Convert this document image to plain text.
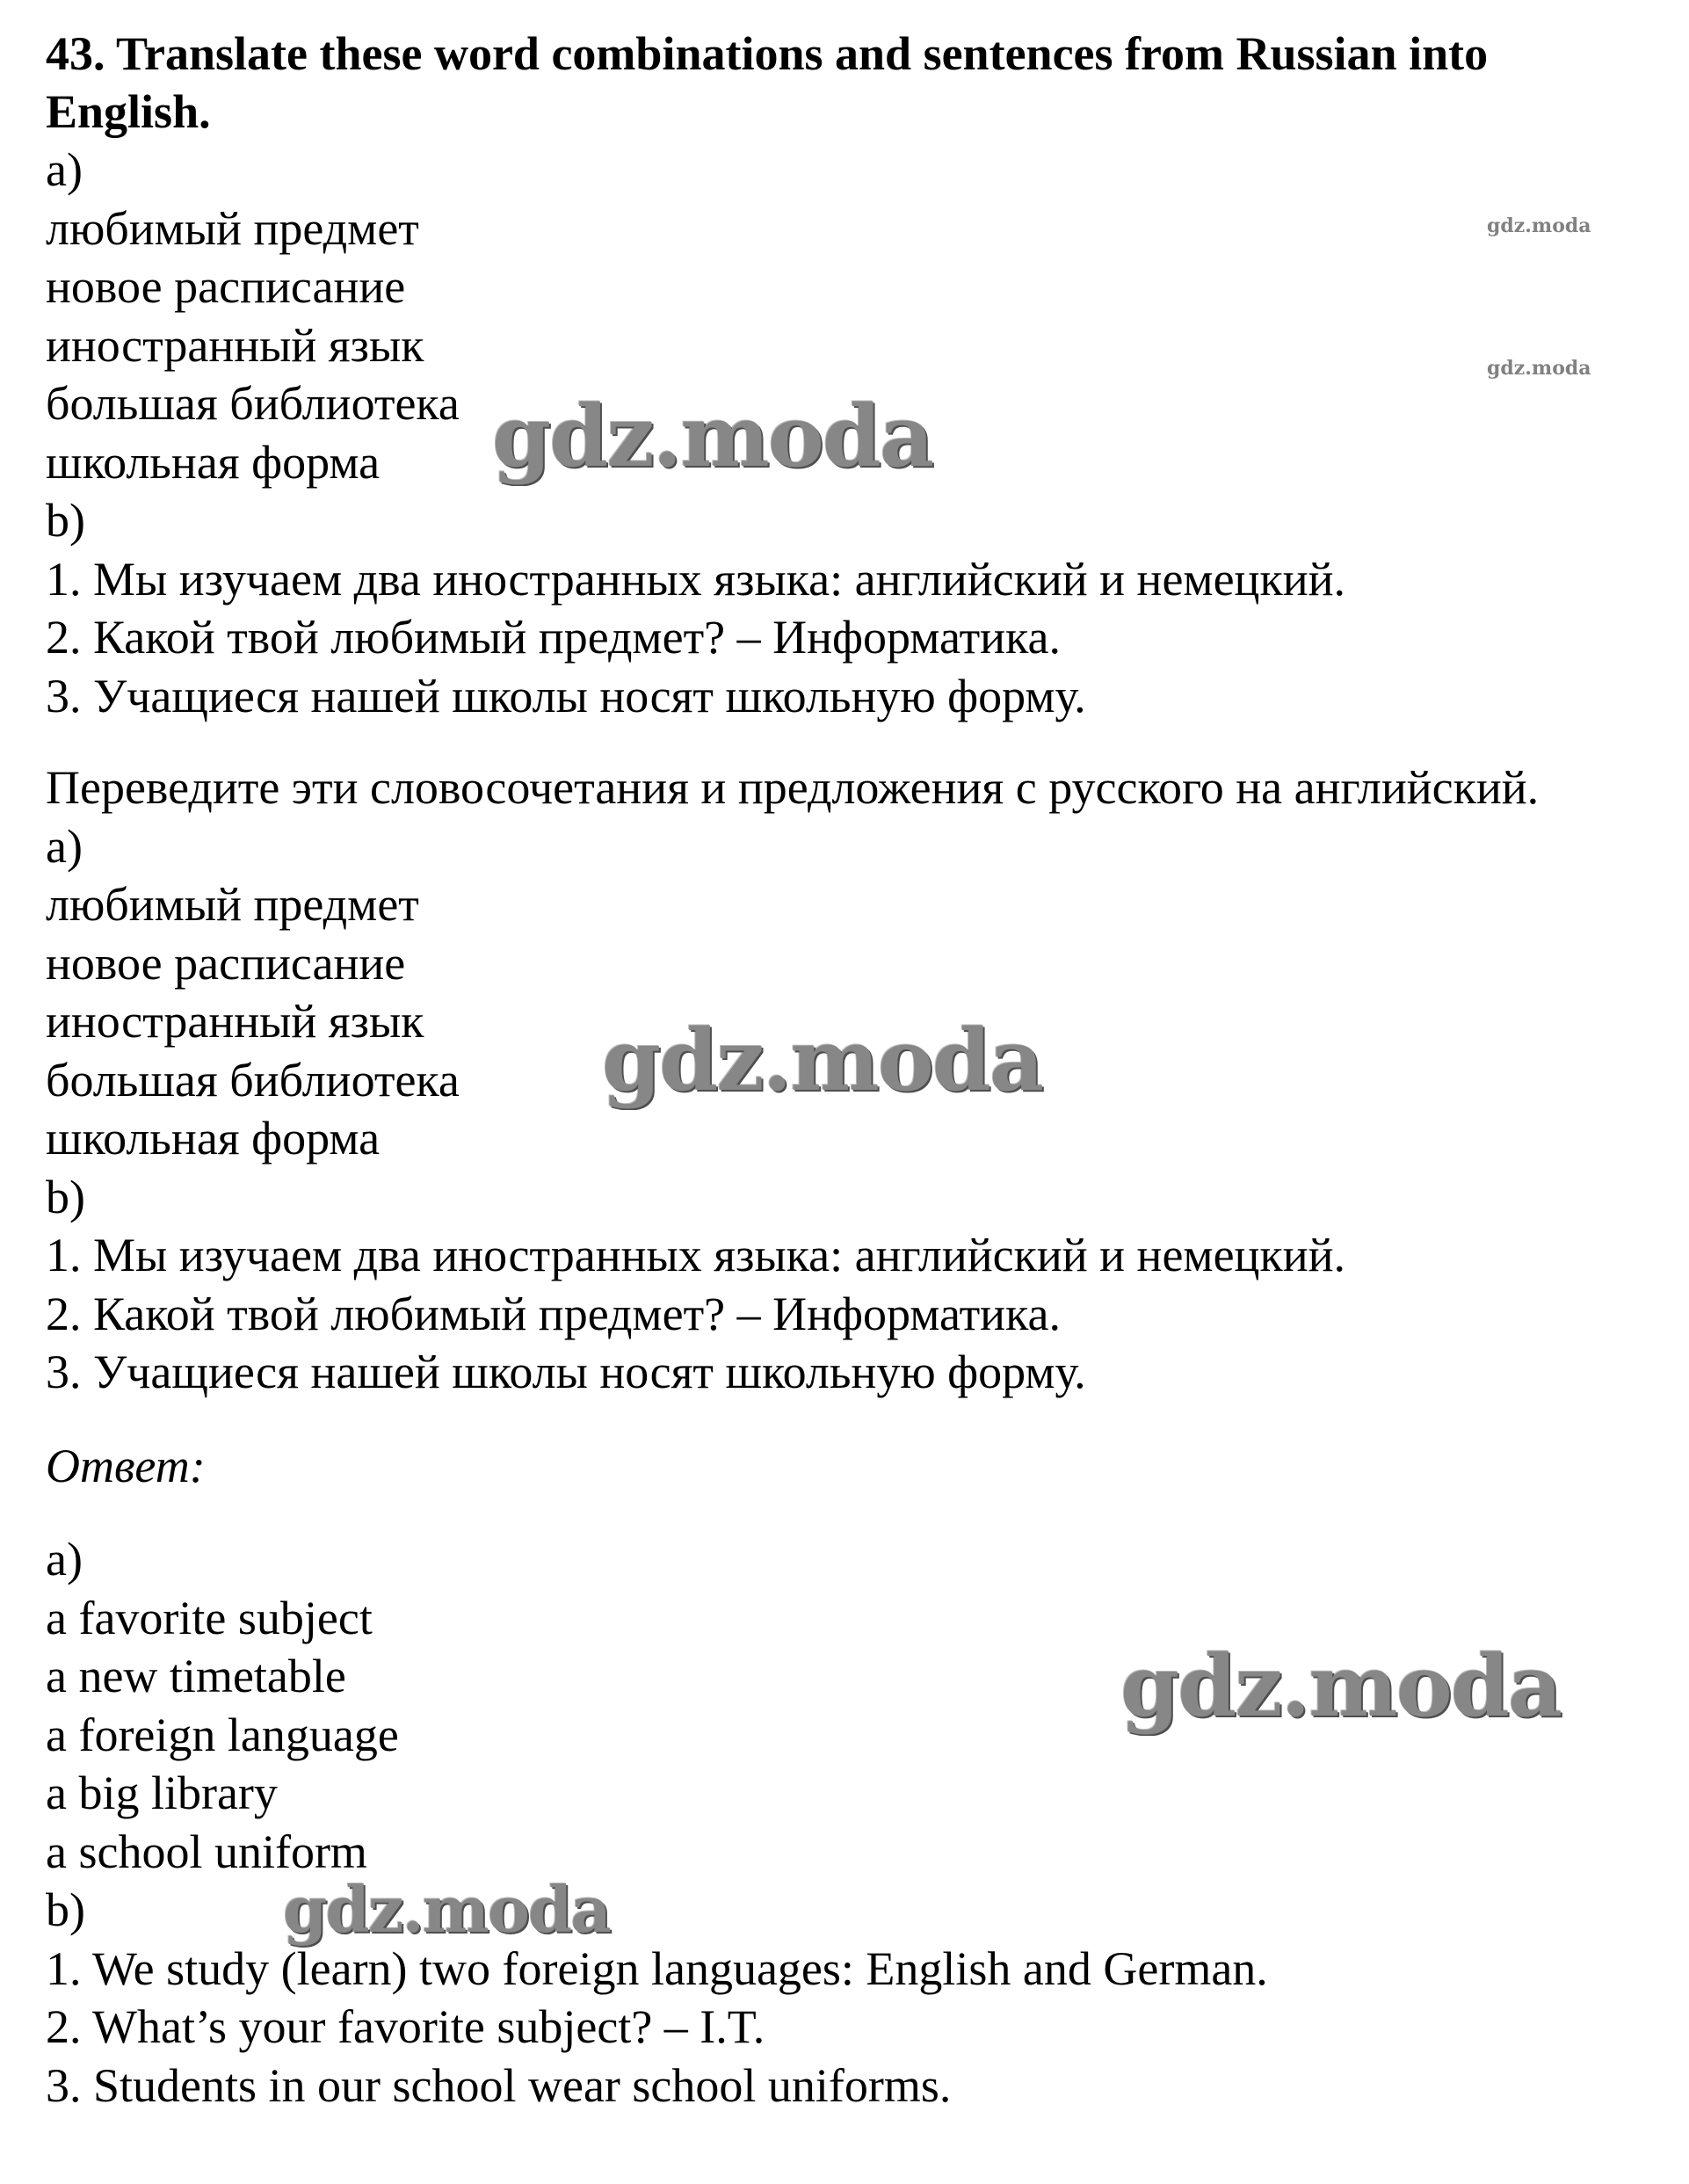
43. Translate these word combinations and sentences from Russian into English.
a)
любимый предмет
новое расписание
иностранный язык
большая библиотека
школьная форма
b)
1. Мы изучаем два иностранных языка: английский и немецкий.
2. Какой твой любимый предмет? – Информатика.
3. Учащиеся нашей школы носят школьную форму.
Переведите эти словосочетания и предложения с русского на английский.
a)
любимый предмет
новое расписание
иностранный язык
большая библиотека
школьная форма
b)
1. Мы изучаем два иностранных языка: английский и немецкий.
2. Какой твой любимый предмет? – Информатика.
3. Учащиеся нашей школы носят школьную форму.
Ответ:
a)
a favorite subject
a new timetable
a foreign language
a big library
a school uniform
b)
1. We study (learn) two foreign languages: English and German.
2. What’s your favorite subject? – I.T.
3. Students in our school wear school uniforms.
gdz.moda
gdz.moda
gdz.moda
gdz.moda
gdz.moda
gdz.moda
